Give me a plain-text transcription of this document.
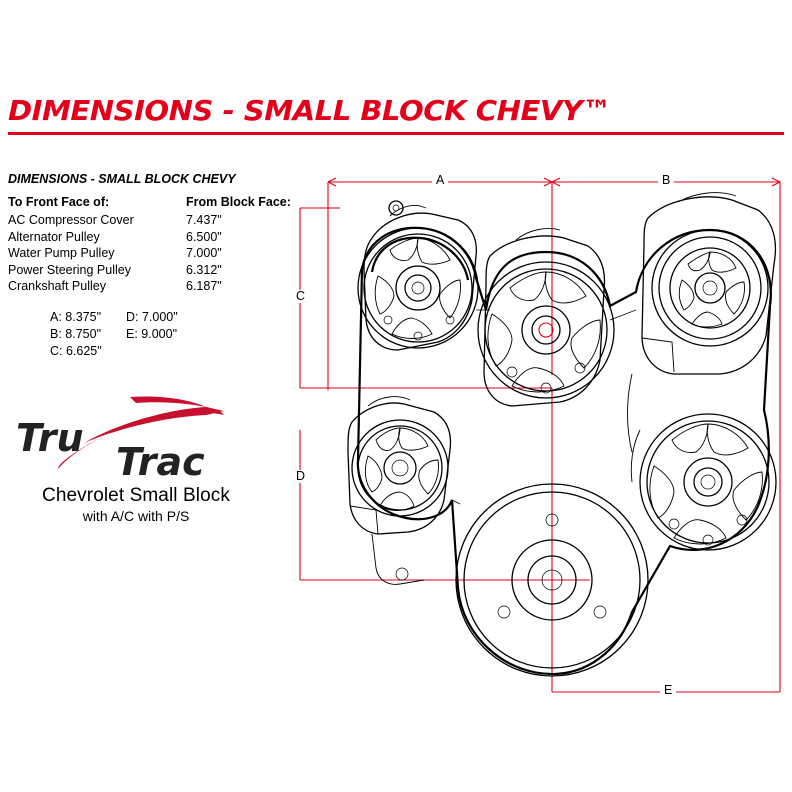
DIMENSIONS - SMALL BLOCK CHEVY™
DIMENSIONS - SMALL BLOCK CHEVY
To Front Face of:	From Block Face:
AC Compressor Cover	7.437"
Alternator Pulley	6.500"
Water Pump Pulley	7.000"
Power Steering Pulley	6.312"
Crankshaft Pulley	6.187"
A: 8.375"	D: 7.000"
B: 8.750"	E: 9.000"
C: 6.625"	
Tru
Trac
Chevrolet Small Block
with A/C with P/S
A	B
C
D
E
